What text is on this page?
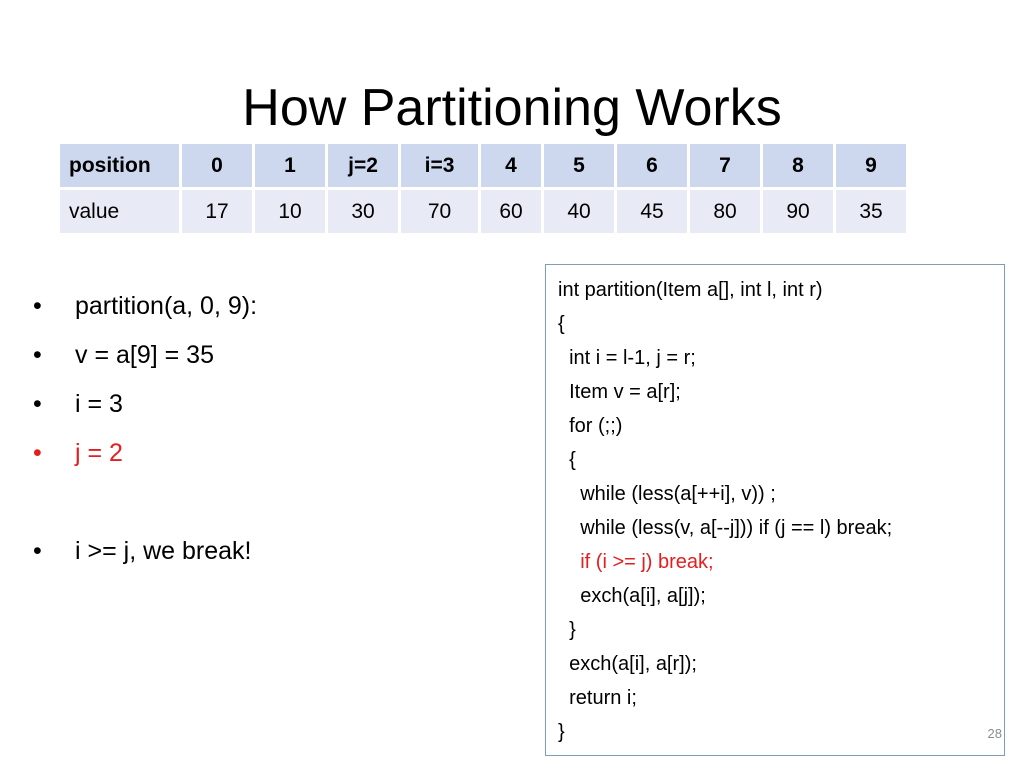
How Partitioning Works
position	0	1	j=2	i=3	4	5	6	7	8	9
value	17	10	30	70	60	40	45	80	90	35
• partition(a, 0, 9):
• v = a[9] = 35
• i = 3
• j = 2
• i >= j, we break!
int partition(Item a[], int l, int r)
{
int i = l-1, j = r;
Item v = a[r];
for (;;)
{
while (less(a[++i], v)) ;
while (less(v, a[--j])) if (j == l) break;
if (i >= j) break;
exch(a[i], a[j]);
}
exch(a[i], a[r]);
return i;
}	28
